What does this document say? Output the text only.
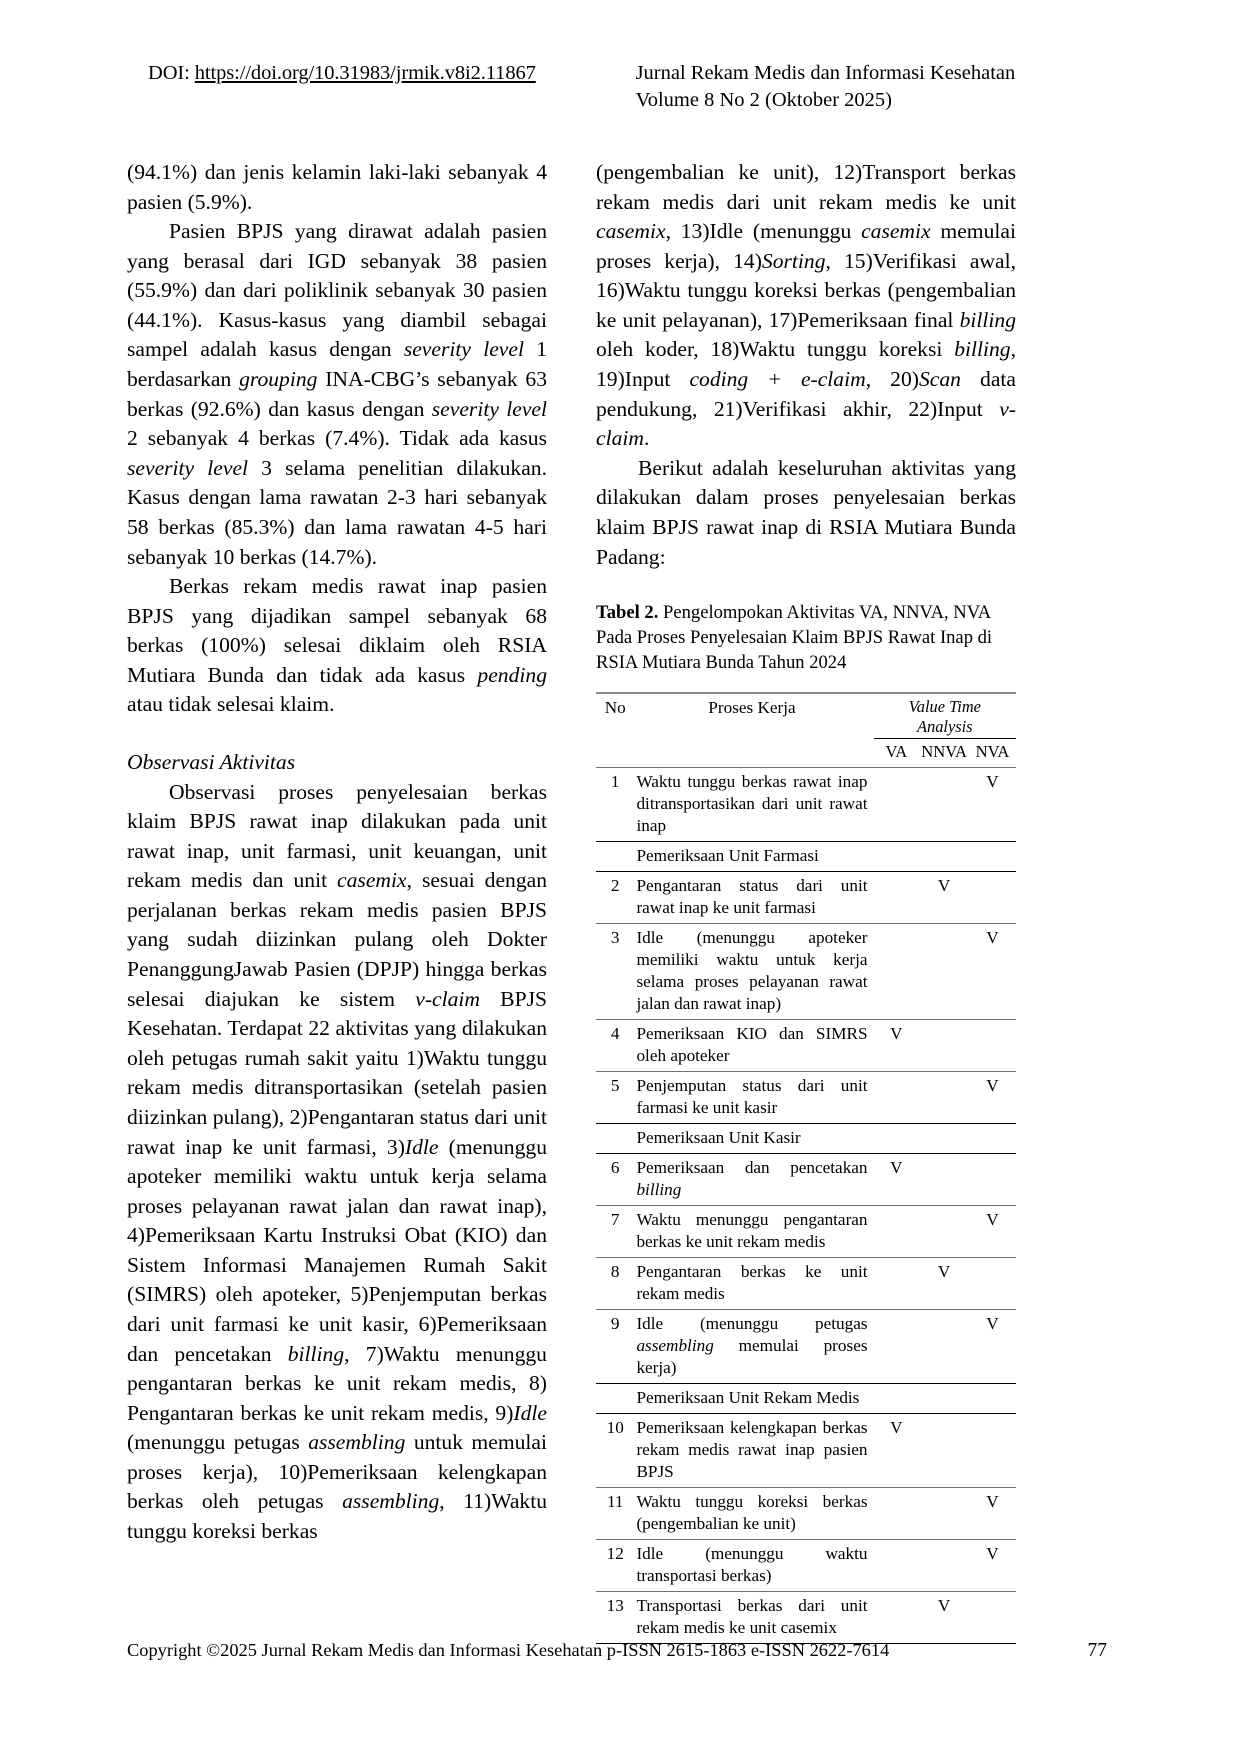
DOI: https://doi.org/10.31983/jrmik.v8i2.11867	Jurnal Rekam Medis dan Informasi Kesehatan
Volume 8 No 2 (Oktober 2025)

(94.1%) dan jenis kelamin laki-laki sebanyak 4 pasien (5.9%).

Pasien BPJS yang dirawat adalah pasien yang berasal dari IGD sebanyak 38 pasien (55.9%) dan dari poliklinik sebanyak 30 pasien (44.1%). Kasus-kasus yang diambil sebagai sampel adalah kasus dengan severity level 1 berdasarkan grouping INA-CBG’s sebanyak 63 berkas (92.6%) dan kasus dengan severity level 2 sebanyak 4 berkas (7.4%). Tidak ada kasus severity level 3 selama penelitian dilakukan. Kasus dengan lama rawatan 2-3 hari sebanyak 58 berkas (85.3%) dan lama rawatan 4-5 hari sebanyak 10 berkas (14.7%).

Berkas rekam medis rawat inap pasien BPJS yang dijadikan sampel sebanyak 68 berkas (100%) selesai diklaim oleh RSIA Mutiara Bunda dan tidak ada kasus pending atau tidak selesai klaim.

Observasi Aktivitas

Observasi proses penyelesaian berkas klaim BPJS rawat inap dilakukan pada unit rawat inap, unit farmasi, unit keuangan, unit rekam medis dan unit casemix, sesuai dengan perjalanan berkas rekam medis pasien BPJS yang sudah diizinkan pulang oleh Dokter PenanggungJawab Pasien (DPJP) hingga berkas selesai diajukan ke sistem v-claim BPJS Kesehatan. Terdapat 22 aktivitas yang dilakukan oleh petugas rumah sakit yaitu 1)Waktu tunggu rekam medis ditransportasikan (setelah pasien diizinkan pulang), 2)Pengantaran status dari unit rawat inap ke unit farmasi, 3)Idle (menunggu apoteker memiliki waktu untuk kerja selama proses pelayanan rawat jalan dan rawat inap), 4)Pemeriksaan Kartu Instruksi Obat (KIO) dan Sistem Informasi Manajemen Rumah Sakit (SIMRS) oleh apoteker, 5)Penjemputan berkas dari unit farmasi ke unit kasir, 6)Pemeriksaan dan pencetakan billing, 7)Waktu menunggu pengantaran berkas ke unit rekam medis, 8) Pengantaran berkas ke unit rekam medis, 9)Idle (menunggu petugas assembling untuk memulai proses kerja), 10)Pemeriksaan kelengkapan berkas oleh petugas assembling, 11)Waktu tunggu koreksi berkas

(pengembalian ke unit), 12)Transport berkas rekam medis dari unit rekam medis ke unit casemix, 13)Idle (menunggu casemix memulai proses kerja), 14)Sorting, 15)Verifikasi awal, 16)Waktu tunggu koreksi berkas (pengembalian ke unit pelayanan), 17)Pemeriksaan final billing oleh koder, 18)Waktu tunggu koreksi billing, 19)Input coding + e-claim, 20)Scan data pendukung, 21)Verifikasi akhir, 22)Input v-claim.

Berikut adalah keseluruhan aktivitas yang dilakukan dalam proses penyelesaian berkas klaim BPJS rawat inap di RSIA Mutiara Bunda Padang:

Tabel 2. Pengelompokan Aktivitas VA, NNVA, NVA Pada Proses Penyelesaian Klaim BPJS Rawat Inap di RSIA Mutiara Bunda Tahun 2024

No	Proses Kerja	Value Time
Analysis		

		VA	NNVA	NVA
1	Waktu tunggu berkas rawat inap ditransportasikan dari unit rawat inap			V
	Pemeriksaan Unit Farmasi			
2	Pengantaran status dari unit rawat inap ke unit farmasi		V	
3	Idle (menunggu apoteker memiliki waktu untuk kerja selama proses pelayanan rawat jalan dan rawat inap)			V
4	Pemeriksaan KIO dan SIMRS oleh apoteker	V		
5	Penjemputan status dari unit farmasi ke unit kasir			V
	Pemeriksaan Unit Kasir			
6	Pemeriksaan dan pencetakan billing	V		
7	Waktu menunggu pengantaran berkas ke unit rekam medis			V
8	Pengantaran berkas ke unit rekam medis		V	
9	Idle (menunggu petugas assembling memulai proses kerja)			V
	Pemeriksaan Unit Rekam Medis			
10	Pemeriksaan kelengkapan berkas rekam medis rawat inap pasien BPJS	V		
11	Waktu tunggu koreksi berkas (pengembalian ke unit)			V
12	Idle (menunggu waktu transportasi berkas)			V
13	Transportasi berkas dari unit rekam medis ke unit casemix		V	
Copyright ©2025 Jurnal Rekam Medis dan Informasi Kesehatan p-ISSN 2615-1863 e-ISSN 2622-7614	77
